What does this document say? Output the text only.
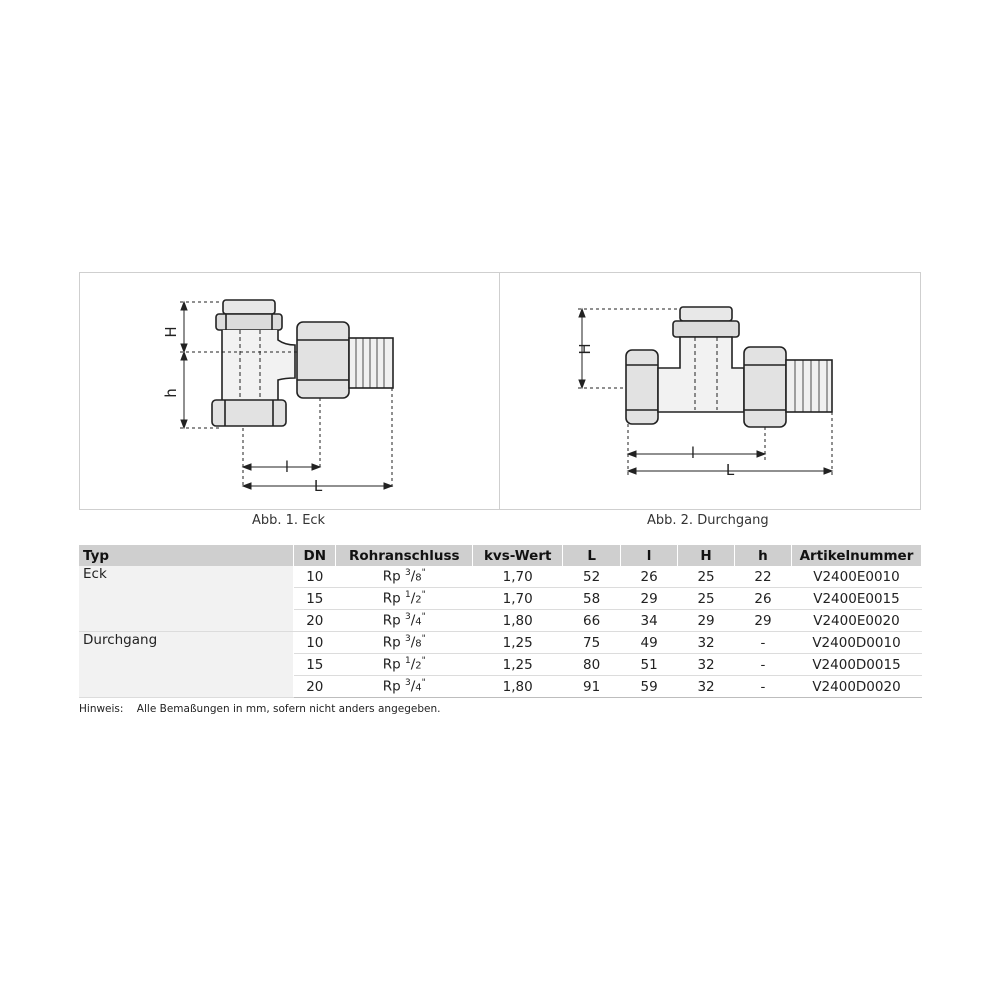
H
h
l
L
H
l
L
Abb. 1. Eck	Abb. 2. Durchgang
Typ	DN	Rohranschluss	kvs-Wert	L	l	H	h	Artikelnummer
Eck	10	Rp $^3$/8"	1,70	52	26	25	22	V2400E0010
	15	Rp $^1$/2"	1,70	58	29	25	26	V2400E0015
	20	Rp $^3$/4"	1,80	66	34	29	29	V2400E0020
Durchgang	10	Rp $^3$/8"	1,25	75	49	32	-	V2400D0010
	15	Rp $^1$/2"	1,25	80	51	32	-	V2400D0015
	20	Rp $^3$/4"	1,80	91	59	32	-	V2400D0020
Hinweis: Alle Bemaßungen in mm, sofern nicht anders angegeben.
